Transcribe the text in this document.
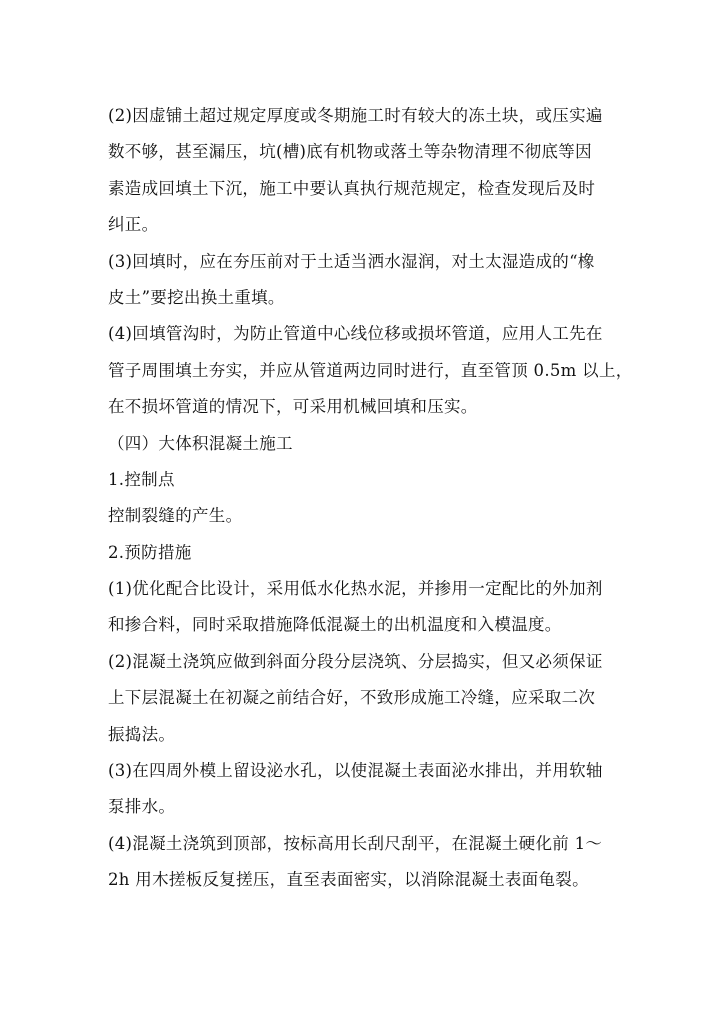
(2)因虚铺土超过规定厚度或冬期施工时有较大的冻土块，或压实遍
数不够，甚至漏压，坑(槽)底有机物或落土等杂物清理不彻底等因
素造成回填土下沉，施工中要认真执行规范规定，检查发现后及时
纠正。
(3)回填时，应在夯压前对于土适当洒水湿润，对土太湿造成的“橡
皮土”要挖出换土重填。
(4)回填管沟时，为防止管道中心线位移或损坏管道，应用人工先在
管子周围填土夯实，并应从管道两边同时进行，直至管顶 0.5m 以上，
在不损坏管道的情况下，可采用机械回填和压实。
（四）大体积混凝土施工
1.控制点
控制裂缝的产生。
2.预防措施
(1)优化配合比设计，采用低水化热水泥，并掺用一定配比的外加剂
和掺合料，同时采取措施降低混凝土的出机温度和入模温度。
(2)混凝土浇筑应做到斜面分段分层浇筑、分层捣实，但又必须保证
上下层混凝土在初凝之前结合好，不致形成施工冷缝，应采取二次
振捣法。
(3)在四周外模上留设泌水孔，以使混凝土表面泌水排出，并用软轴
泵排水。
(4)混凝土浇筑到顶部，按标高用长刮尺刮平，在混凝土硬化前 1～
2h 用木搓板反复搓压，直至表面密实，以消除混凝土表面龟裂。
